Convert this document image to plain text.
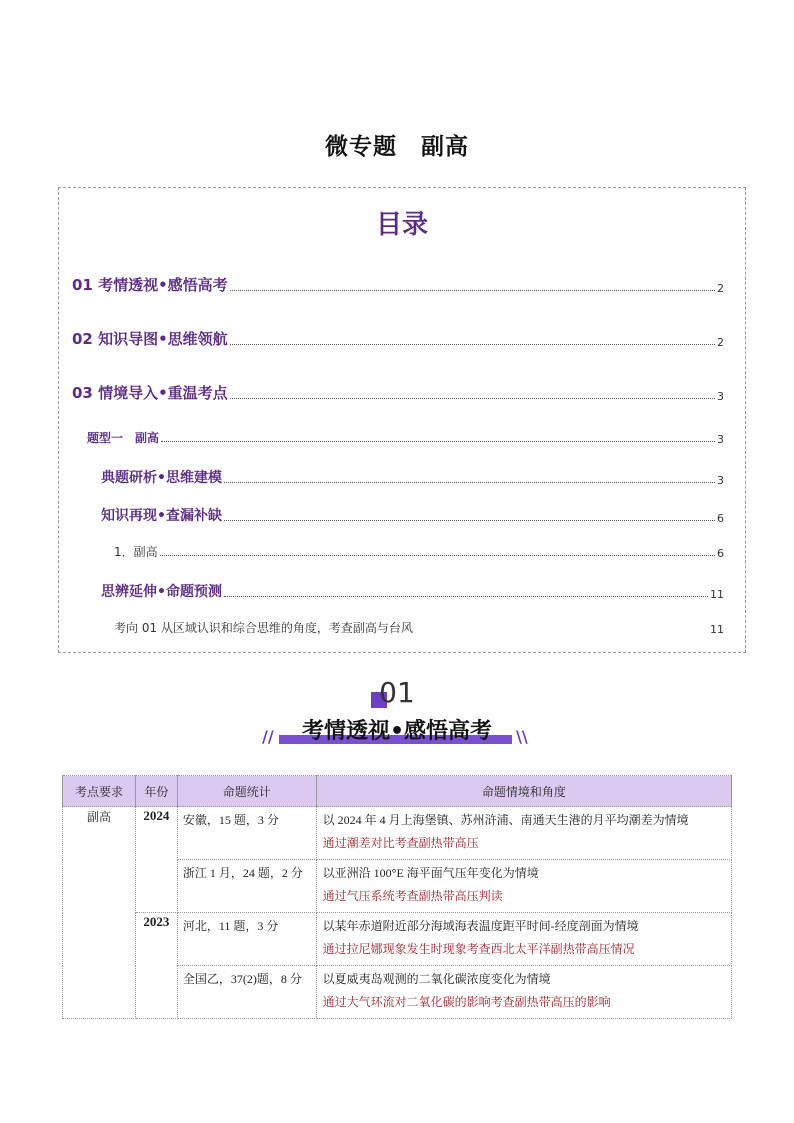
微专题　副高
目录
01 考情透视•感悟高考	2
02 知识导图•思维领航	2
03 情境导入•重温考点	3
题型一　副高	3
典题研析•思维建模	3
知识再现•查漏补缺	6
1．副高	6
思辨延伸•命题预测	11
考向 01 从区域认识和综合思维的角度，考查副高与台风	11
01
考情透视•感悟高考
//	\\
考点要求	年份	命题统计	命题情境和角度
副高	2024	安徽，15 题，3 分	以 2024 年 4 月上海堡镇、苏州浒浦、南通天生港的月平均潮差为情境
通过潮差对比考查副热带高压

		浙江 1 月，24 题，2 分	以亚洲沿 100°E 海平面气压年变化为情境
通过气压系统考查副热带高压判读

	2023	河北，11 题，3 分	以某年赤道附近部分海域海表温度距平时间-经度剖面为情境
通过拉尼娜现象发生时现象考查西北太平洋副热带高压情况

		全国乙，37(2)题，8 分	以夏威夷岛观测的二氧化碳浓度变化为情境
通过大气环流对二氧化碳的影响考查副热带高压的影响
